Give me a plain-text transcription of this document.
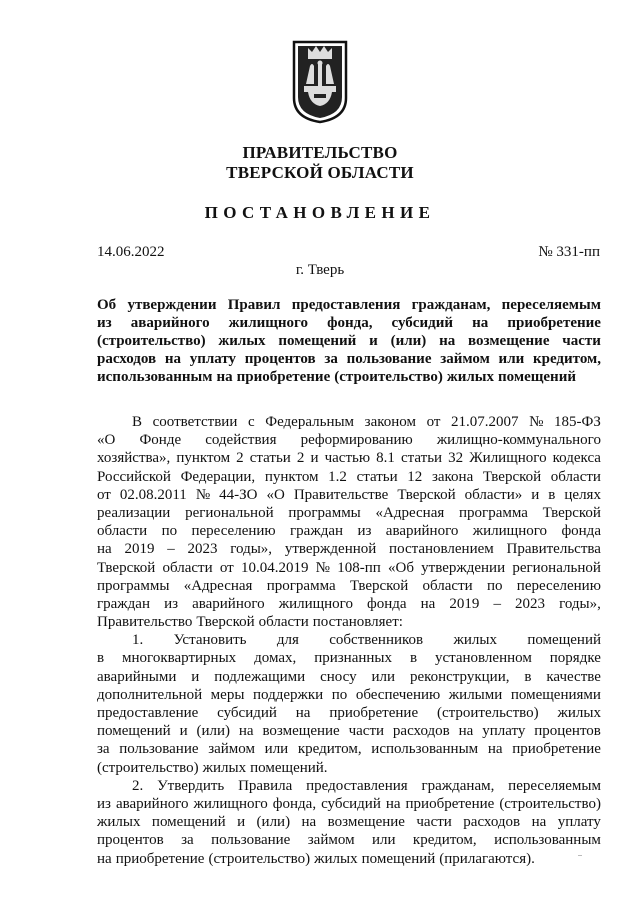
ПРАВИТЕЛЬСТВО
ТВЕРСКОЙ ОБЛАСТИ
ПОСТАНОВЛЕНИЕ
14.06.2022	№ 331-пп
г. Тверь
Об утверждении Правил предоставления гражданам, переселяемым
из аварийного жилищного фонда, субсидий на приобретение
(строительство) жилых помещений и (или) на возмещение части
расходов на уплату процентов за пользование займом или кредитом,
использованным на приобретение (строительство) жилых помещений
В соответствии с Федеральным законом от 21.07.2007 № 185-ФЗ
«О Фонде содействия реформированию жилищно-коммунального
хозяйства», пунктом 2 статьи 2 и частью 8.1 статьи 32 Жилищного кодекса
Российской Федерации, пунктом 1.2 статьи 12 закона Тверской области
от 02.08.2011 № 44-ЗО «О Правительстве Тверской области» и в целях
реализации региональной программы «Адресная программа Тверской
области по переселению граждан из аварийного жилищного фонда
на 2019 – 2023 годы», утвержденной постановлением Правительства
Тверской области от 10.04.2019 № 108-пп «Об утверждении региональной
программы «Адресная программа Тверской области по переселению
граждан из аварийного жилищного фонда на 2019 – 2023 годы»,
Правительство Тверской области постановляет:
1. Установить для собственников жилых помещений
в многоквартирных домах, признанных в установленном порядке
аварийными и подлежащими сносу или реконструкции, в качестве
дополнительной меры поддержки по обеспечению жилыми помещениями
предоставление субсидий на приобретение (строительство) жилых
помещений и (или) на возмещение части расходов на уплату процентов
за пользование займом или кредитом, использованным на приобретение
(строительство) жилых помещений.
2. Утвердить Правила предоставления гражданам, переселяемым
из аварийного жилищного фонда, субсидий на приобретение (строительство)
жилых помещений и (или) на возмещение части расходов на уплату
процентов за пользование займом или кредитом, использованным
на приобретение (строительство) жилых помещений (прилагаются).
